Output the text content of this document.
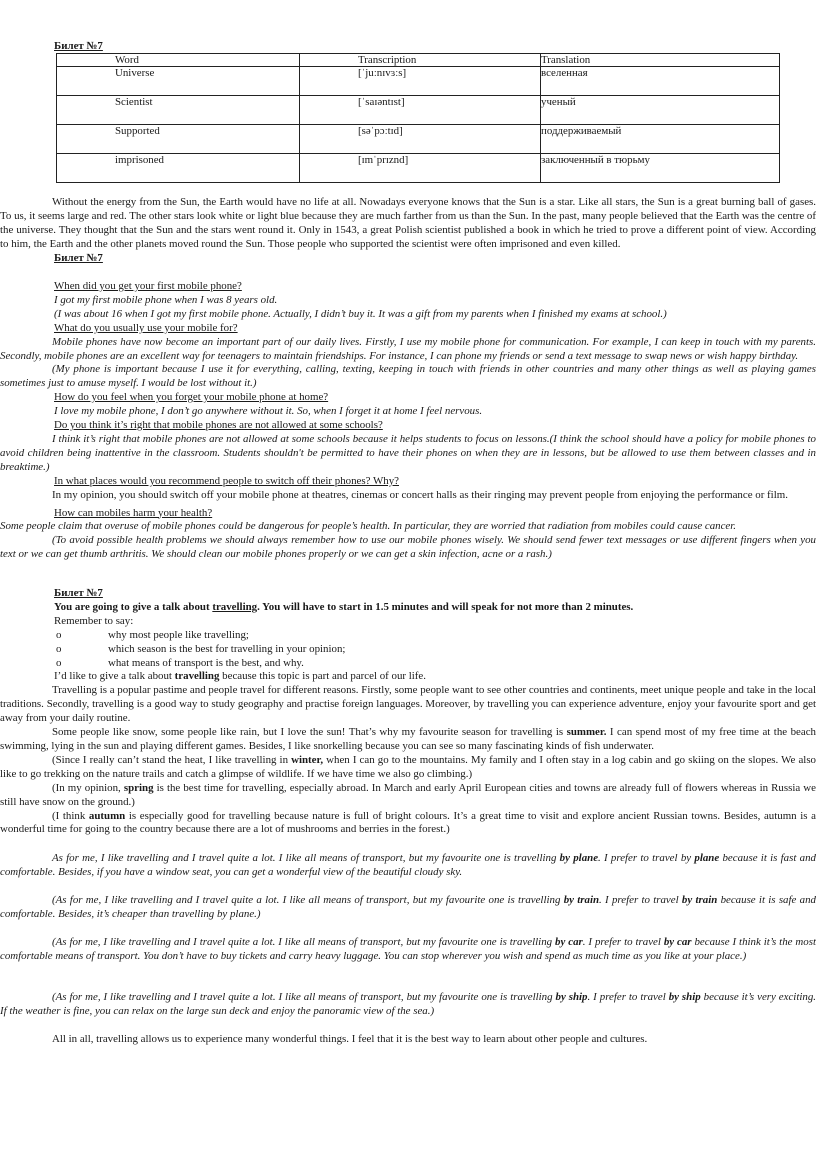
Билет №7
Word	Transcription	Translation
Universe	[ˈjuːnɪvɜːs]	вселенная
Scientist	[ˈsaɪəntɪst]	ученый
Supported	[səˈpɔːtɪd]	поддерживаемый
imprisoned	[ɪmˈprɪznd]	заключенный в тюрьму

Without the energy from the Sun, the Earth would have no life at all. Nowadays everyone knows that the Sun is a star. Like all stars, the Sun is a great burning ball of gases. To us, it seems large and red. The other stars look white or light blue because they are much farther from us than the Sun. In the past, many people believed that the Earth was the centre of the universe. They thought that the Sun and the stars went round it. Only in 1543, a great Polish scientist published a book in which he tried to prove a different point of view. According to him, the Earth and the other planets moved round the Sun. Those people who supported the scientist were often imprisoned and even killed.

Билет №7

When did you get your first mobile phone?

I got my first mobile phone when I was 8 years old.

(I was about 16 when I got my first mobile phone. Actually, I didn’t buy it. It was a gift from my parents when I finished my exams at school.)

What do you usually use your mobile for?

Mobile phones have now become an important part of our daily lives. Firstly, I use my mobile phone for communication. For example, I can keep in touch with my parents. Secondly, mobile phones are an excellent way for teenagers to maintain friendships. For instance, I can phone my friends or send a text message to swap news or wish happy birthday.

(My phone is important because I use it for everything, calling, texting, keeping in touch with friends in other countries and many other things as well as playing games sometimes just to amuse myself. I would be lost without it.)

How do you feel when you forget your mobile phone at home?

I love my mobile phone, I don’t go anywhere without it. So, when I forget it at home I feel nervous.

Do you think it’s right that mobile phones are not allowed at some schools?

I think it’s right that mobile phones are not allowed at some schools because it helps students to focus on lessons.(I think the school should have a policy for mobile phones to avoid children being inattentive in the classroom. Students shouldn't be permitted to have their phones on when they are in lessons, but be allowed to use them between classes and in breaktime.)

In what places would you recommend people to switch off their phones? Why?

In my opinion, you should switch off your mobile phone at theatres, cinemas or concert halls as their ringing may prevent people from enjoying the performance or film.

How can mobiles harm your health?

Some people claim that overuse of mobile phones could be dangerous for people’s health. In particular, they are worried that radiation from mobiles could cause cancer.

(To avoid possible health problems we should always remember how to use our mobile phones wisely. We should send fewer text messages or use different fingers when you text or we can get thumb arthritis. We should clean our mobile phones properly or we can get a skin infection, acne or a rash.)

Билет №7

You are going to give a talk about travelling. You will have to start in 1.5 minutes and will speak for not more than 2 minutes.

Remember to say:

o	why most people like travelling;
o	which season is the best for travelling in your opinion;
o	what means of transport is the best, and why.

I’d like to give a talk about travelling because this topic is part and parcel of our life.

Travelling is a popular pastime and people travel for different reasons. Firstly, some people want to see other countries and continents, meet unique people and take in the local traditions. Secondly, travelling is a good way to study geography and practise foreign languages. Moreover, by travelling you can experience adventure, enjoy your favourite sport and get away from your daily routine.

Some people like snow, some people like rain, but I love the sun! That’s why my favourite season for travelling is summer. I can spend most of my free time at the beach swimming, lying in the sun and playing different games. Besides, I like snorkelling because you can see so many fascinating kinds of fish underwater.

(Since I really can’t stand the heat, I like travelling in winter, when I can go to the mountains. My family and I often stay in a log cabin and go skiing on the slopes. We also like to go trekking on the nature trails and catch a glimpse of wildlife. If we have time we also go climbing.)

(In my opinion, spring is the best time for travelling, especially abroad. In March and early April European cities and towns are already full of flowers whereas in Russia we still have snow on the ground.)

(I think autumn is especially good for travelling because nature is full of bright colours. It’s a great time to visit and explore ancient Russian towns. Besides, autumn is a wonderful time for going to the country because there are a lot of mushrooms and berries in the forest.)

As for me, I like travelling and I travel quite a lot. I like all means of transport, but my favourite one is travelling by plane. I prefer to travel by plane because it is fast and comfortable. Besides, if you have a window seat, you can get a wonderful view of the beautiful cloudy sky.

(As for me, I like travelling and I travel quite a lot. I like all means of transport, but my favourite one is travelling by train. I prefer to travel by train because it is safe and comfortable. Besides, it’s cheaper than travelling by plane.)

(As for me, I like travelling and I travel quite a lot. I like all means of transport, but my favourite one is travelling by car. I prefer to travel by car because I think it’s the most comfortable means of transport. You don’t have to buy tickets and carry heavy luggage. You can stop wherever you wish and spend as much time as you like at your place.)

(As for me, I like travelling and I travel quite a lot. I like all means of transport, but my favourite one is travelling by ship. I prefer to travel by ship because it’s very exciting. If the weather is fine, you can relax on the large sun deck and enjoy the panoramic view of the sea.)

All in all, travelling allows us to experience many wonderful things. I feel that it is the best way to learn about other people and cultures.
